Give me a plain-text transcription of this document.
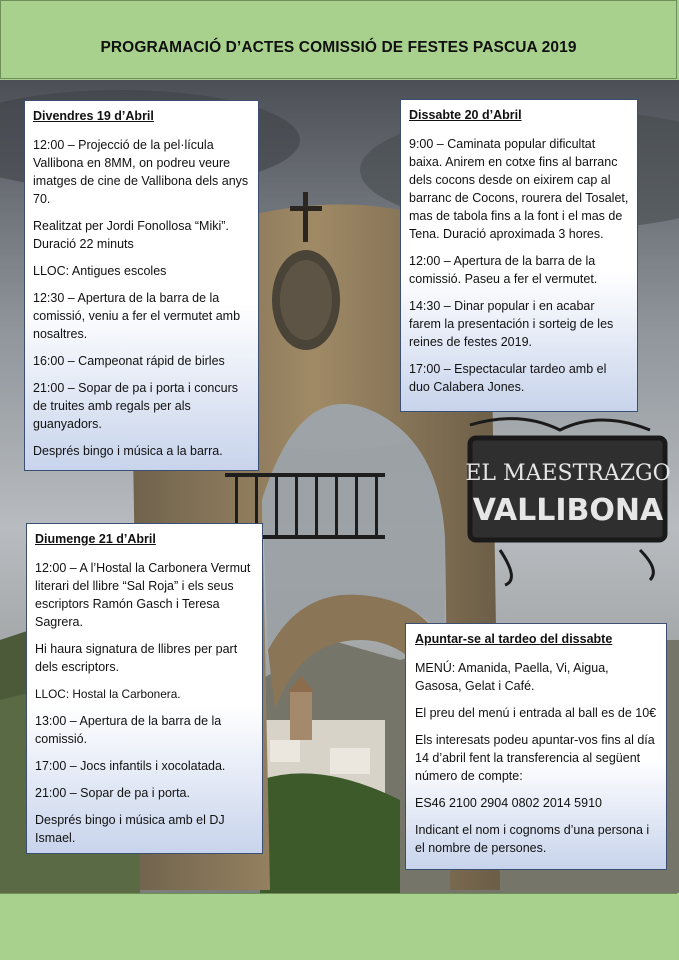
PROGRAMACIÓ D’ACTES COMISSIÓ DE FESTES PASCUA 2019
EL MAESTRAZGO
VALLIBONA
Divendres 19 d’Abril

12:00 – Projecció de la pel·lícula Vallibona en 8MM, on podreu veure imatges de cine de Vallibona dels anys 70.

Realitzat per Jordi Fonollosa “Miki”. Duració 22 minuts

LLOC: Antigues escoles

12:30 – Apertura de la barra de la comissió, veniu a fer el vermutet amb nosaltres.

16:00 – Campeonat rápid de birles

21:00 – Sopar de pa i porta i concurs de truites amb regals per als guanyadors.

Després bingo i música a la barra.

Dissabte 20 d’Abril

9:00 – Caminata popular dificultat baixa. Anirem en cotxe fins al barranc dels cocons desde on eixirem cap al barranc de Cocons, rourera del Tosalet, mas de tabola fins a la font i el mas de Tena. Duració aproximada 3 hores.

12:00 – Apertura de la barra de la comissió. Paseu a fer el vermutet.

14:30 – Dinar popular i en acabar farem la presentación i sorteig de les reines de festes 2019.

17:00 – Espectacular tardeo amb el duo Calabera Jones.

Diumenge 21 d’Abril

12:00 – A l’Hostal la Carbonera Vermut literari del llibre “Sal Roja” i els seus escriptors Ramón Gasch i Teresa Sagrera.

Hi haura signatura de llibres per part dels escriptors.

LLOC: Hostal la Carbonera.

13:00 – Apertura de la barra de la comissió.

17:00 – Jocs infantils i xocolatada.

21:00 – Sopar de pa i porta.

Després bingo i música amb el DJ Ismael.

Apuntar-se al tardeo del dissabte

MENÚ: Amanida, Paella, Vi, Aigua, Gasosa, Gelat i Café.

El preu del menú i entrada al ball es de 10€

Els interesats podeu apuntar-vos fins al día 14 d’abril fent la transferencia al següent número de compte:

ES46 2100 2904 0802 2014 5910

Indicant el nom i cognoms d’una persona i el nombre de persones.
